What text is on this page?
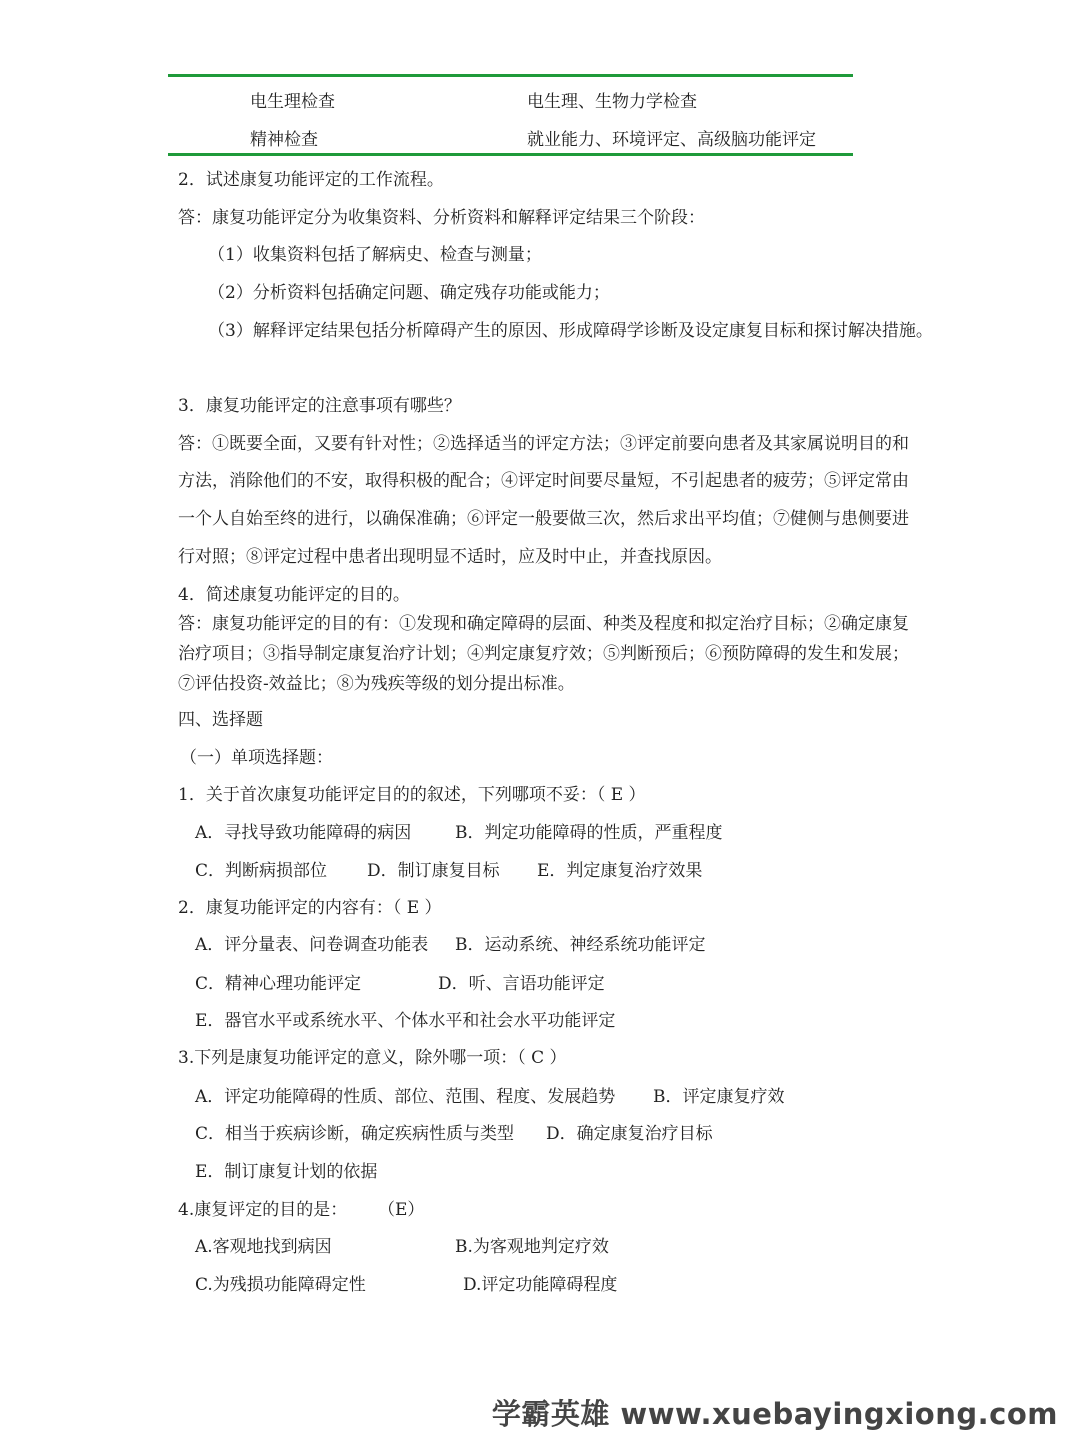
电生理检查	电生理、生物力学检查
精神检查	就业能力、环境评定、高级脑功能评定
2．试述康复功能评定的工作流程。
答：康复功能评定分为收集资料、分析资料和解释评定结果三个阶段：
（1）收集资料包括了解病史、检查与测量；
（2）分析资料包括确定问题、确定残存功能或能力；
（3）解释评定结果包括分析障碍产生的原因、形成障碍学诊断及设定康复目标和探讨解决措施。
3．康复功能评定的注意事项有哪些？
答：①既要全面，又要有针对性；②选择适当的评定方法；③评定前要向患者及其家属说明目的和
方法，消除他们的不安，取得积极的配合；④评定时间要尽量短，不引起患者的疲劳；⑤评定常由
一个人自始至终的进行，以确保准确；⑥评定一般要做三次，然后求出平均值；⑦健侧与患侧要进
行对照；⑧评定过程中患者出现明显不适时，应及时中止，并查找原因。
4．简述康复功能评定的目的。
答：康复功能评定的目的有：①发现和确定障碍的层面、种类及程度和拟定治疗目标；②确定康复
治疗项目；③指导制定康复治疗计划；④判定康复疗效；⑤判断预后；⑥预防障碍的发生和发展；
⑦评估投资-效益比；⑧为残疾等级的划分提出标准。
四、选择题
（一）单项选择题：
1．关于首次康复功能评定目的的叙述，下列哪项不妥：（ E ）
A．寻找导致功能障碍的病因	B．判定功能障碍的性质，严重程度
C．判断病损部位 D．制订康复目标 E．判定康复治疗效果
2．康复功能评定的内容有：（ E ）
A．评分量表、问卷调查功能表 B．运动系统、神经系统功能评定
C．精神心理功能评定	D．听、言语功能评定
E．器官水平或系统水平、个体水平和社会水平功能评定
3.下列是康复功能评定的意义，除外哪一项：（ C ）
A．评定功能障碍的性质、部位、范围、程度、发展趋势 B．评定康复疗效
C．相当于疾病诊断，确定疾病性质与类型 D．确定康复治疗目标
E．制订康复计划的依据
4.康复评定的目的是： （E）
A.客观地找到病因	B.为客观地判定疗效
C.为残损功能障碍定性	D.评定功能障碍程度
学霸英雄 www.xuebayingxiong.com
